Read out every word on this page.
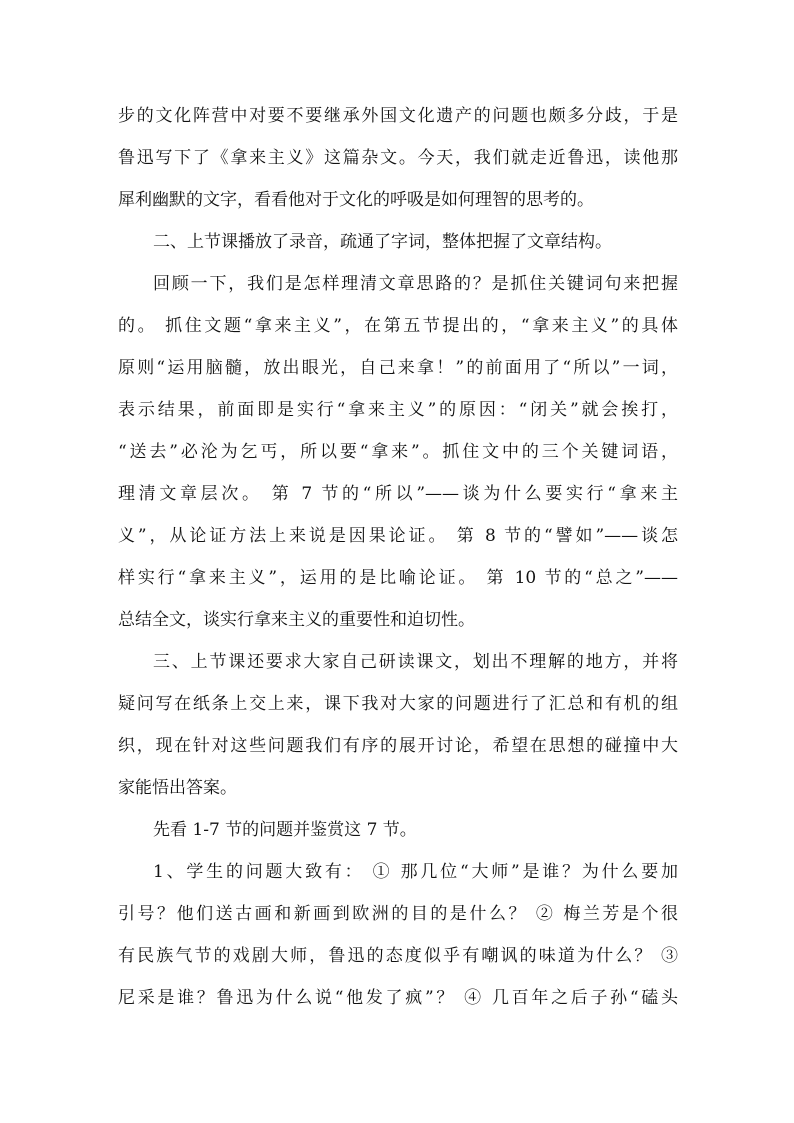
步的文化阵营中对要不要继承外国文化遗产的问题也颇多分歧，于是
鲁迅写下了《拿来主义》这篇杂文。今天，我们就走近鲁迅，读他那
犀利幽默的文字，看看他对于文化的呼吸是如何理智的思考的。
二、上节课播放了录音，疏通了字词，整体把握了文章结构。
回顾一下，我们是怎样理清文章思路的？是抓住关键词句来把握
的。 抓住文题“拿来主义”，在第五节提出的，“拿来主义”的具体
原则“运用脑髓，放出眼光，自己来拿！”的前面用了“所以”一词，
表示结果，前面即是实行“拿来主义”的原因：“闭关”就会挨打，
“送去”必沦为乞丐，所以要“拿来”。抓住文中的三个关键词语，
理清文章层次。 第 7 节的“所以”——谈为什么要实行“拿来主
义”，从论证方法上来说是因果论证。 第 8 节的“譬如”——谈怎
样实行“拿来主义”，运用的是比喻论证。 第 10 节的“总之”——
总结全文，谈实行拿来主义的重要性和迫切性。
三、上节课还要求大家自己研读课文，划出不理解的地方，并将
疑问写在纸条上交上来，课下我对大家的问题进行了汇总和有机的组
织，现在针对这些问题我们有序的展开讨论，希望在思想的碰撞中大
家能悟出答案。
先看 1-7 节的问题并鉴赏这 7 节。
1、学生的问题大致有： ① 那几位“大师”是谁？为什么要加
引号？他们送古画和新画到欧洲的目的是什么？ ② 梅兰芳是个很
有民族气节的戏剧大师，鲁迅的态度似乎有嘲讽的味道为什么？ ③
尼采是谁？鲁迅为什么说“他发了疯”？ ④ 几百年之后子孙“磕头
